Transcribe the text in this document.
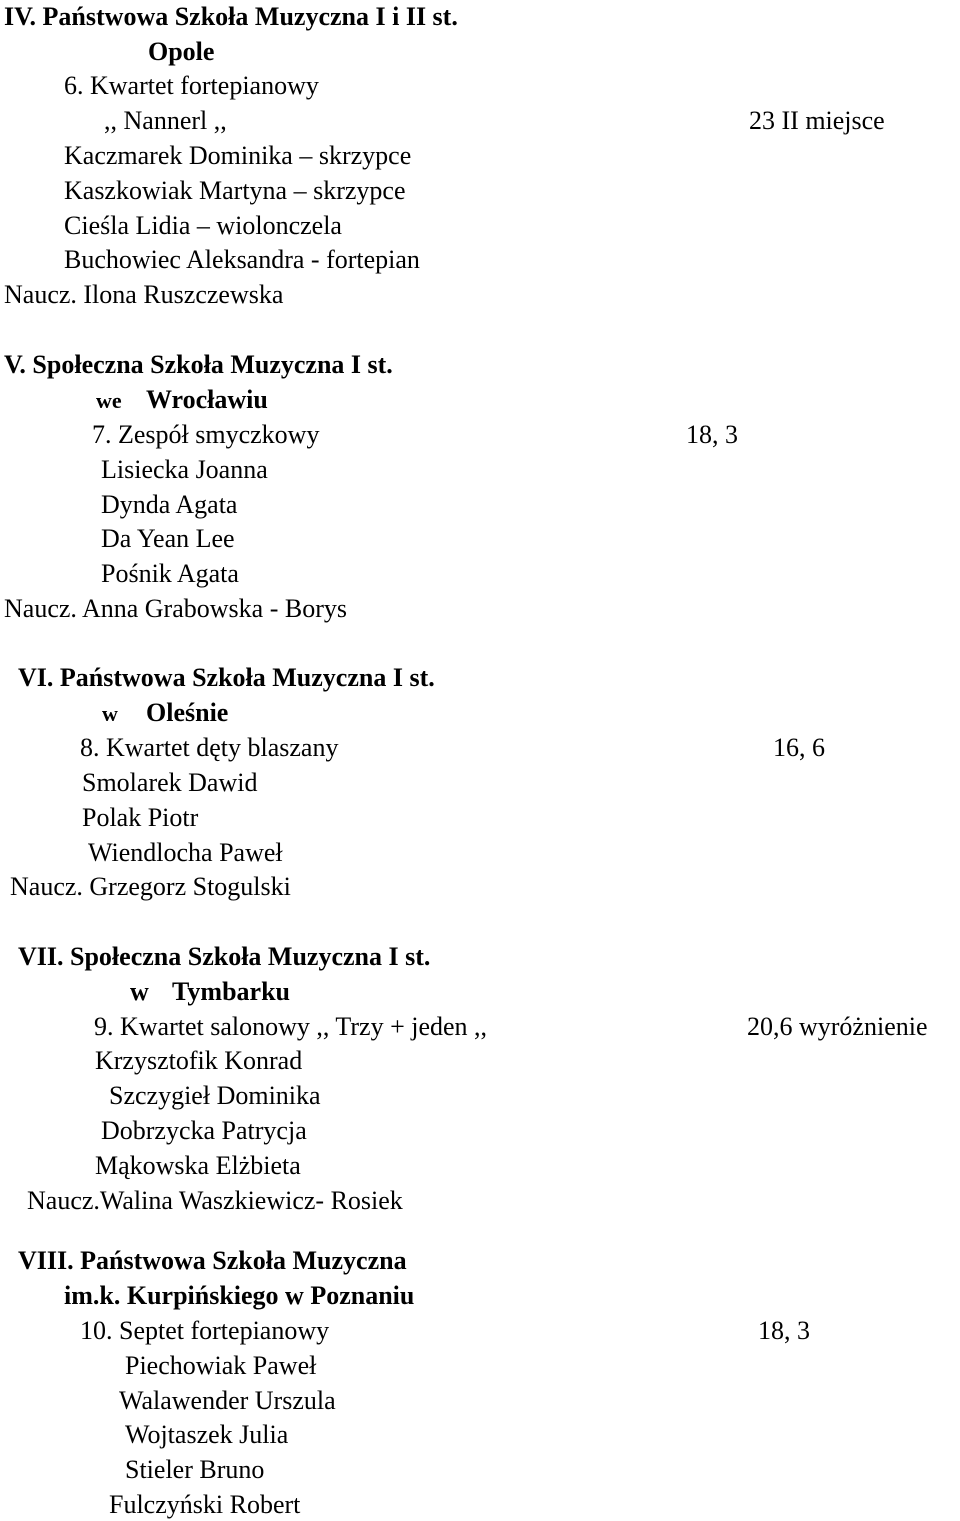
IV. Państwowa Szkoła Muzyczna I i II st.
Opole
6. Kwartet fortepianowy
,, Nannerl ,,	23 II miejsce
Kaczmarek Dominika – skrzypce
Kaszkowiak Martyna – skrzypce
Cieśla Lidia – wiolonczela
Buchowiec Aleksandra - fortepian
Naucz. Ilona Ruszczewska
V. Społeczna Szkoła Muzyczna I st.
we Wrocławiu
7. Zespół smyczkowy	18, 3
Lisiecka Joanna
Dynda Agata
Da Yean Lee
Pośnik Agata
Naucz. Anna Grabowska - Borys
VI. Państwowa Szkoła Muzyczna I st.
w Oleśnie
8. Kwartet dęty blaszany	16, 6
Smolarek Dawid
Polak Piotr
Wiendlocha Paweł
Naucz. Grzegorz Stogulski
VII. Społeczna Szkoła Muzyczna I st.
w Tymbarku
9. Kwartet salonowy ,, Trzy + jeden ,,	20,6 wyróżnienie
Krzysztofik Konrad
Szczygieł Dominika
Dobrzycka Patrycja
Mąkowska Elżbieta
Naucz.Walina Waszkiewicz- Rosiek
VIII. Państwowa Szkoła Muzyczna
im.k. Kurpińskiego w Poznaniu
10. Septet fortepianowy	18, 3
Piechowiak Paweł
Walawender Urszula
Wojtaszek Julia
Stieler Bruno
Fulczyński Robert
